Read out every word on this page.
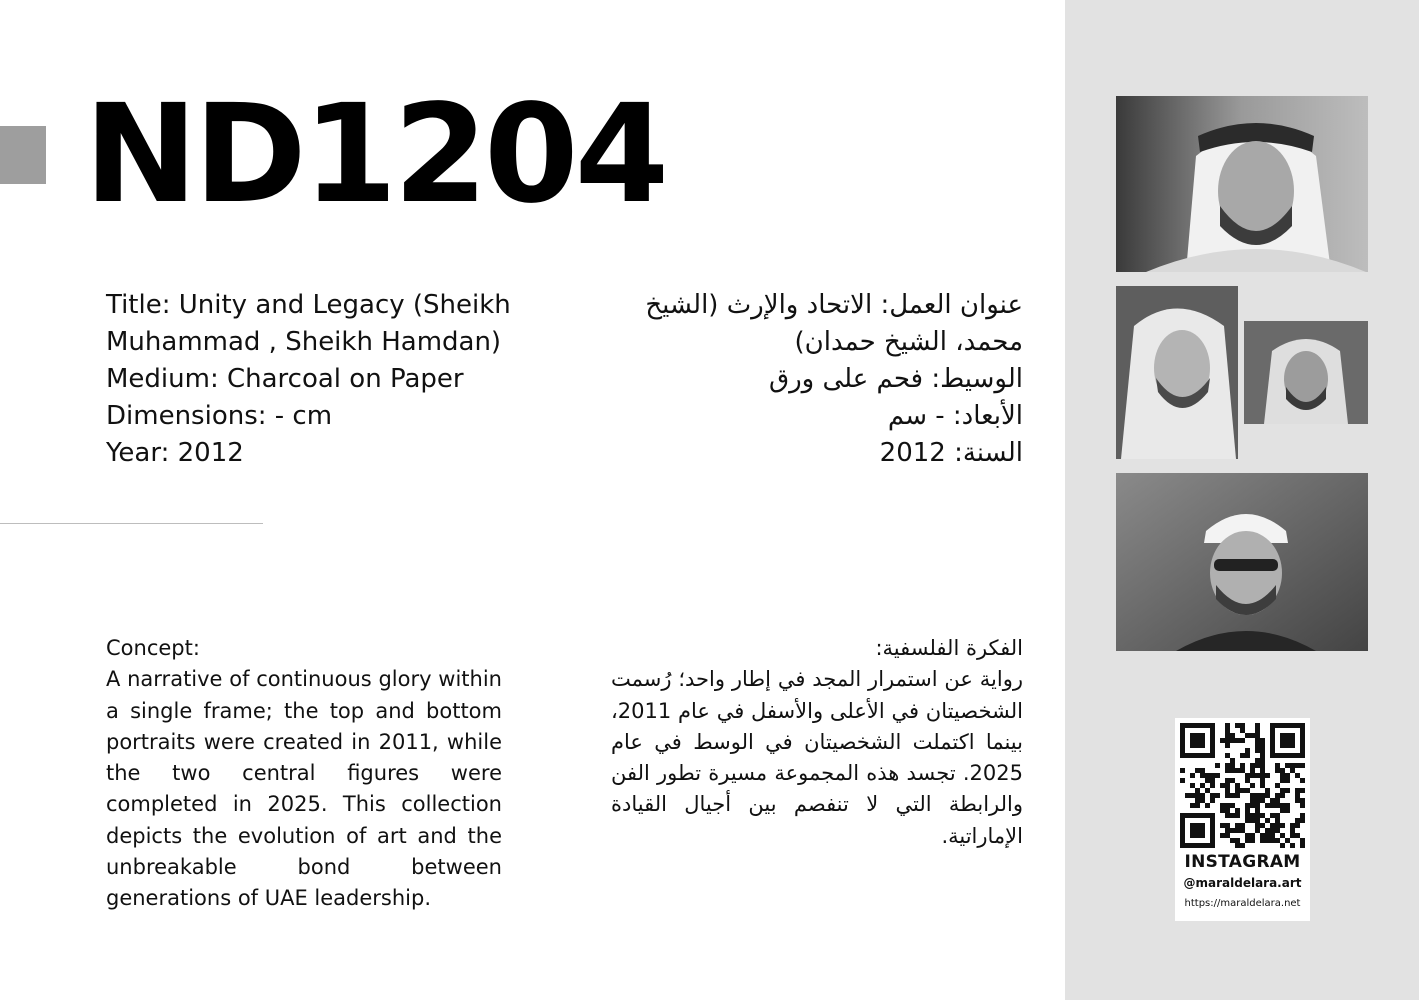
ND1204
Title: Unity and Legacy (Sheikh
Muhammad , Sheikh Hamdan)
Medium: Charcoal on Paper
Dimensions: - cm
Year: 2012
عنوان العمل: الاتحاد والإرث (الشيخ
محمد، الشيخ حمدان)
الوسيط: فحم على ورق
الأبعاد: - سم
السنة: 2012
Concept:
A narrative of continuous glory within a single frame; the top and bottom portraits were created in 2011, while the two central figures were completed in 2025. This collection depicts the evolution of art and the unbreakable bond between generations of UAE leadership.
الفكرة الفلسفية:
رواية عن استمرار المجد في إطار واحد؛ رُسمت الشخصيتان في الأعلى والأسفل في عام 2011، بينما اكتملت الشخصيتان في الوسط في عام 2025. تجسد هذه المجموعة مسيرة تطور الفن والرابطة التي لا تنفصم بين أجيال القيادة الإماراتية.
INSTAGRAM
@maraldelara.art
https://maraldelara.net
